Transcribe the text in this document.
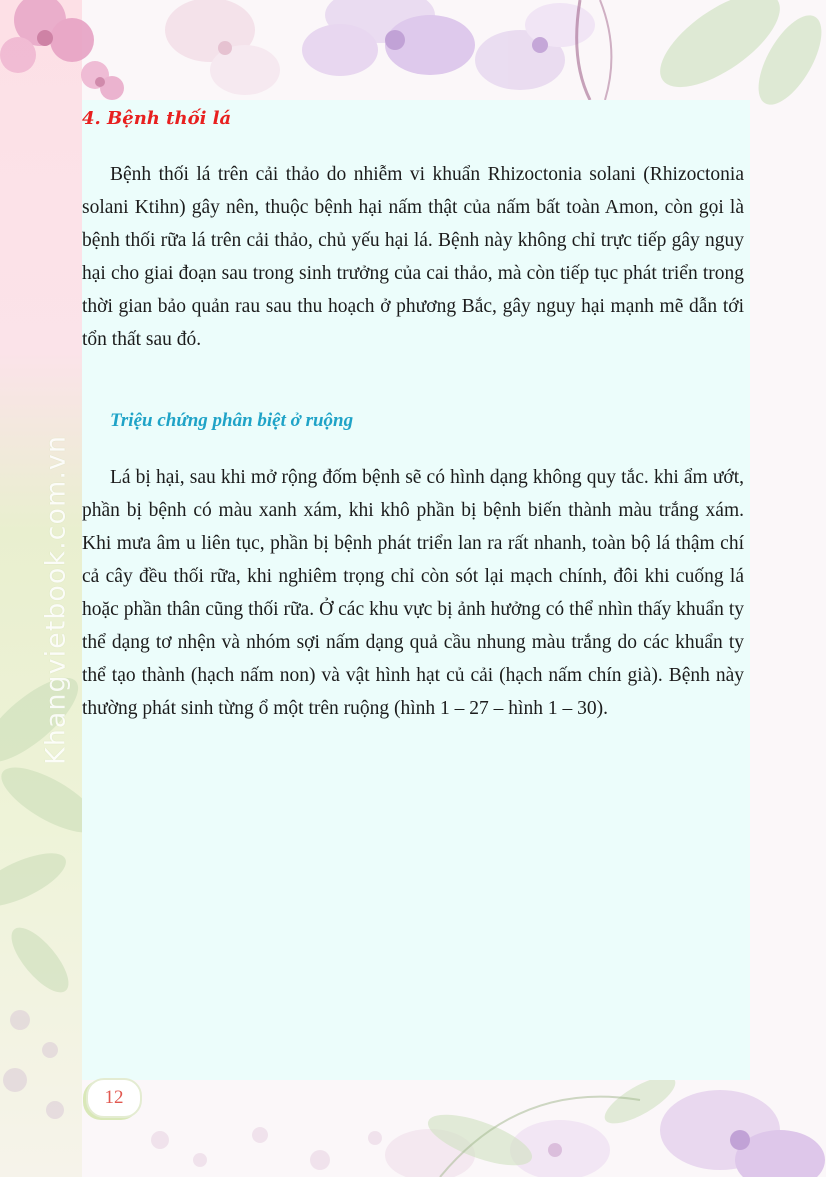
Khangvietbook.com.vn
4. Bệnh thối lá

Bệnh thối lá trên cải thảo do nhiễm vi khuẩn Rhizoctonia solani (Rhizoctonia solani Ktihn) gây nên, thuộc bệnh hại nấm thật của nấm bất toàn Amon, còn gọi là bệnh thối rữa lá trên cải thảo, chủ yếu hại lá. Bệnh này không chỉ trực tiếp gây nguy hại cho giai đoạn sau trong sinh trưởng của cai thảo, mà còn tiếp tục phát triển trong thời gian bảo quản rau sau thu hoạch ở phương Bắc, gây nguy hại mạnh mẽ dẫn tới tổn thất sau đó.

Triệu chứng phân biệt ở ruộng

Lá bị hại, sau khi mở rộng đốm bệnh sẽ có hình dạng không quy tắc. khi ẩm ướt, phần bị bệnh có màu xanh xám, khi khô phần bị bệnh biến thành màu trắng xám. Khi mưa âm u liên tục, phần bị bệnh phát triển lan ra rất nhanh, toàn bộ lá thậm chí cả cây đều thối rữa, khi nghiêm trọng chỉ còn sót lại mạch chính, đôi khi cuống lá hoặc phần thân cũng thối rữa. Ở các khu vực bị ảnh hưởng có thể nhìn thấy khuẩn ty thể dạng tơ nhện và nhóm sợi nấm dạng quả cầu nhung màu trắng do các khuẩn ty thể tạo thành (hạch nấm non) và vật hình hạt củ cải (hạch nấm chín già). Bệnh này thường phát sinh từng ổ một trên ruộng (hình 1 – 27 – hình 1 – 30).

12
